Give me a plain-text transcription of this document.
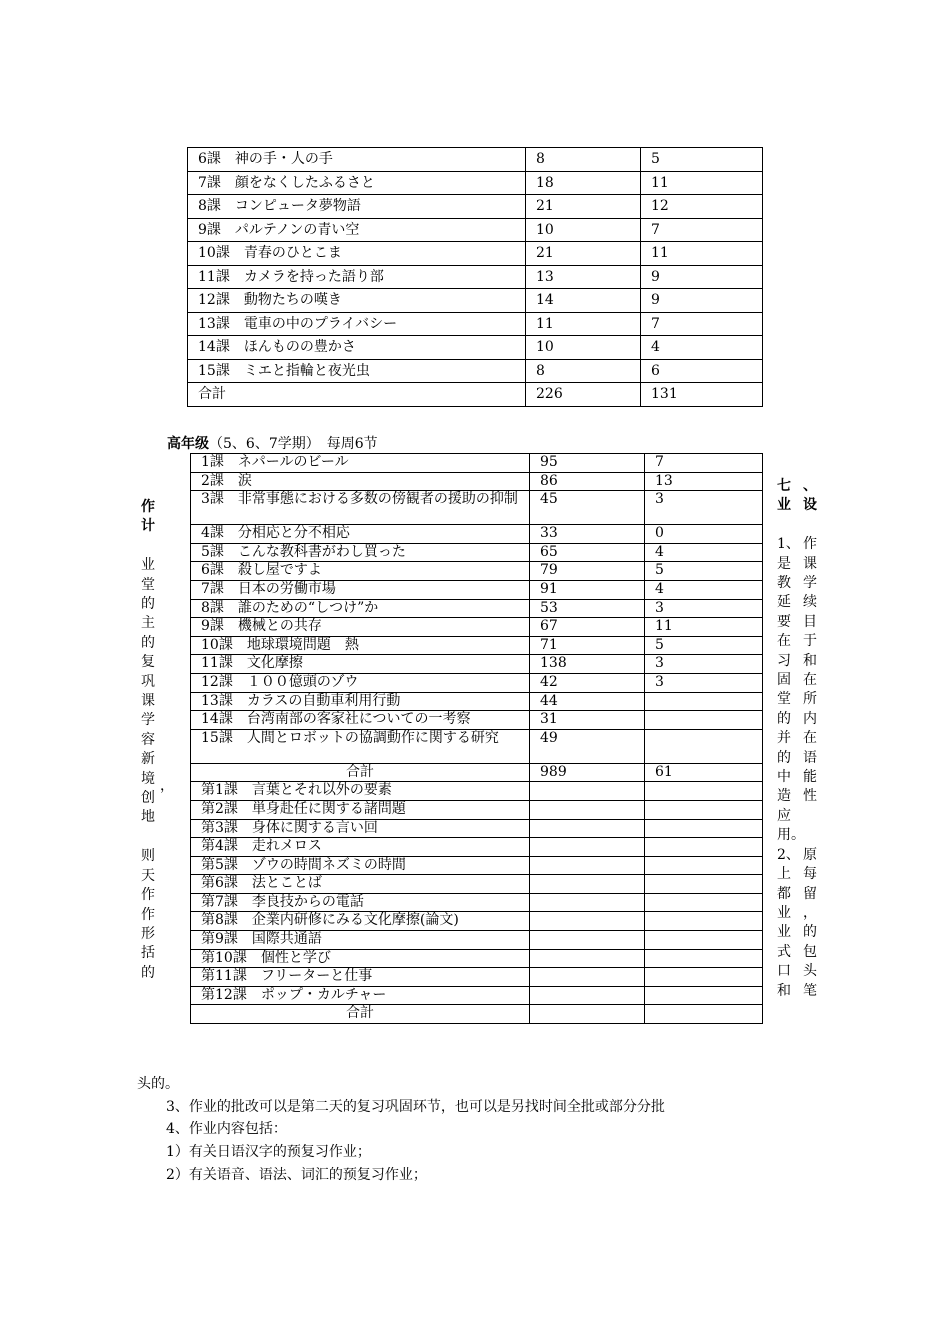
6課　神の手・人の手	8	5
7課　顔をなくしたふるさと	18	11
8課　コンピュータ夢物語	21	12
9課　パルテノンの青い空	10	7
10課　青春のひとこま	21	11
11課　カメラを持った語り部	13	9
12課　動物たちの嘆き	14	9
13課　電車の中のプライバシー	11	7
14課　ほんものの豊かさ	10	4
15課　ミエと指輪と夜光虫	8	6
合計	226	131
高年级（5、6、7学期）　每周6节
1課　ネパールのビール	95	7
2課　涙	86	13
3課　非常事態における多数の傍観者の援助の抑制	45	3
4課　分相応と分不相応	33	0
5課　こんな教科書がわし買った	65	4
6課　殺し屋ですよ	79	5
7課　日本の労働市場	91	4
8課　誰のための“しつけ”か	53	3
9課　機械との共存	67	11
10課　地球環境問題　熱	71	5
11課　文化摩擦	138	3
12課　１００億頭のゾウ	42	3
13課　カラスの自動車利用行動	44	
14課　台湾南部の客家社についての一考察	31	
15課　人間とロボットの協調動作に関する研究	49	
合計	989	61
第1課　言葉とそれ以外の要素		
第2課　単身赴任に関する諸問題		
第3課　身体に関する言い回		
第4課　走れメロス		
第5課　ゾウの時間ネズミの時間		
第6課　法とことば		
第7課　李良技からの電話		
第8課　企業内研修にみる文化摩擦(論文)		
第9課　国際共通語		
第10課　個性と学び		
第11課　フリーターと仕事		
第12課　ポップ・カルチャー		
合計		
作
计

业
堂
的
主
的
复
巩
课
学
容
新
境
创
地
则
天
作
作
形
括
的
七 、
业 设
1、 作
是 课
教 学
延 续
要 目
在 于
习 和
固 在
堂 所
的 内
并 在
的 语
中 能
造 性
应用。
2、 原
上 每
都 留
业 ，
业 的
式 包
口 头
和 笔
头的。
3、作业的批改可以是第二天的复习巩固环节，也可以是另找时间全批或部分分批
4、作业内容包括：
1）有关日语汉字的预复习作业；
2）有关语音、语法、词汇的预复习作业；
，
